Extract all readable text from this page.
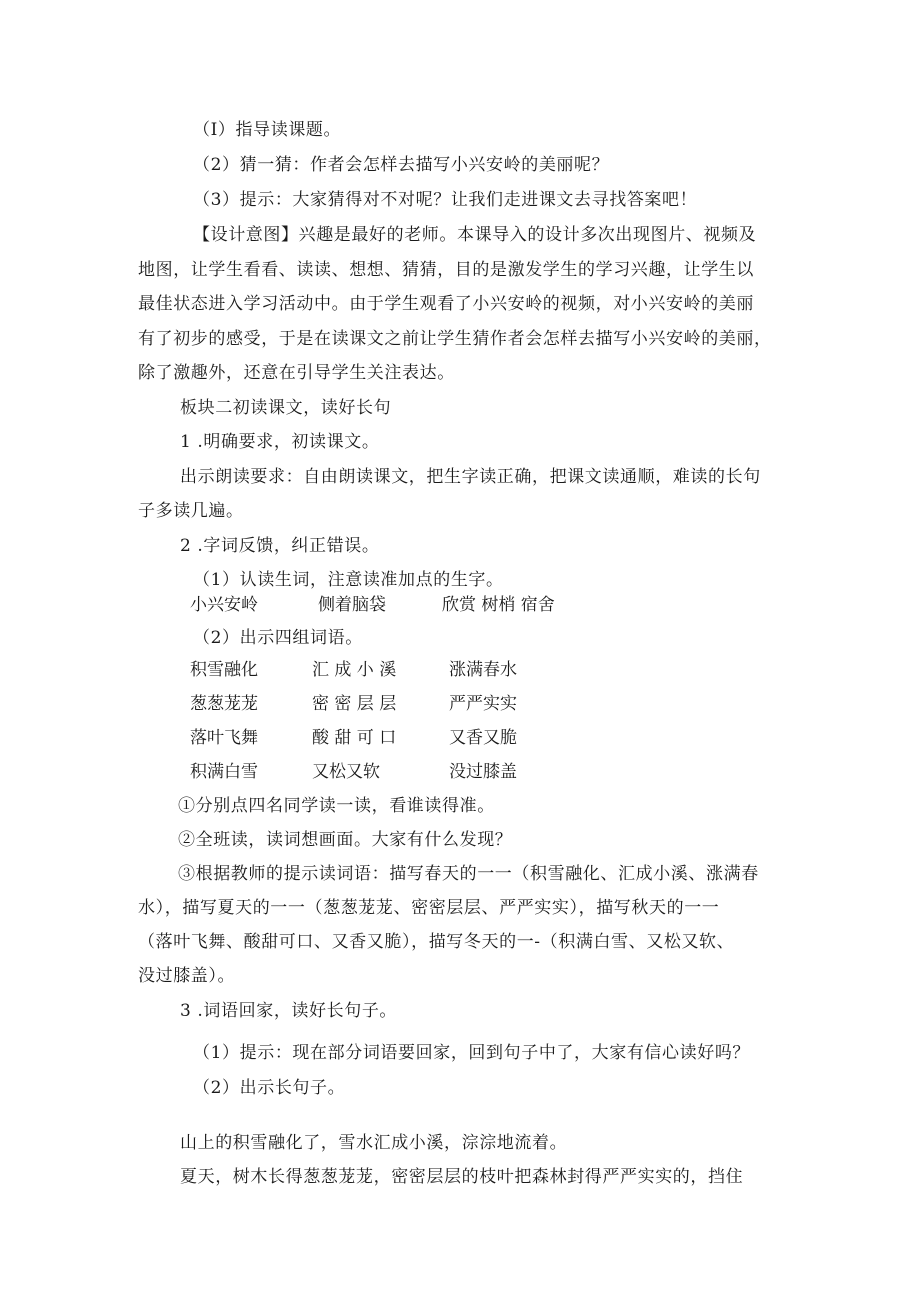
（I）指导读课题。
（2）猜一猜：作者会怎样去描写小兴安岭的美丽呢？
（3）提示：大家猜得对不对呢？让我们走进课文去寻找答案吧！
【设计意图】兴趣是最好的老师。本课导入的设计多次出现图片、视频及
地图，让学生看看、读读、想想、猜猜，目的是激发学生的学习兴趣，让学生以
最佳状态进入学习活动中。由于学生观看了小兴安岭的视频，对小兴安岭的美丽
有了初步的感受，于是在读课文之前让学生猜作者会怎样去描写小兴安岭的美丽，
除了激趣外，还意在引导学生关注表达。
板块二初读课文，读好长句
1 .明确要求，初读课文。
出示朗读要求：自由朗读课文，把生字读正确，把课文读通顺，难读的长句
子多读几遍。
2 .字词反馈，纠正错误。
（1）认读生词，注意读准加点的生字。
小兴安岭	侧着脑袋	欣赏 树梢 宿舍
（2）出示四组词语。
积雪融化	汇 成 小 溪	涨满春水
葱葱茏茏	密 密 层 层	严严实实
落叶飞舞	酸 甜 可 口	又香又脆
积满白雪	又松又软	没过膝盖
①分别点四名同学读一读，看谁读得准。
②全班读，读词想画面。大家有什么发现？
③根据教师的提示读词语：描写春天的一一（积雪融化、汇成小溪、涨满春
水），描写夏天的一一（葱葱茏茏、密密层层、严严实实），描写秋天的一一
（落叶飞舞、酸甜可口、又香又脆），描写冬天的一-（积满白雪、又松又软、
没过膝盖）。
3 .词语回家，读好长句子。
（1）提示：现在部分词语要回家，回到句子中了，大家有信心读好吗？
（2）出示长句子。
山上的积雪融化了，雪水汇成小溪，淙淙地流着。
夏天，树木长得葱葱茏茏，密密层层的枝叶把森林封得严严实实的，挡住
